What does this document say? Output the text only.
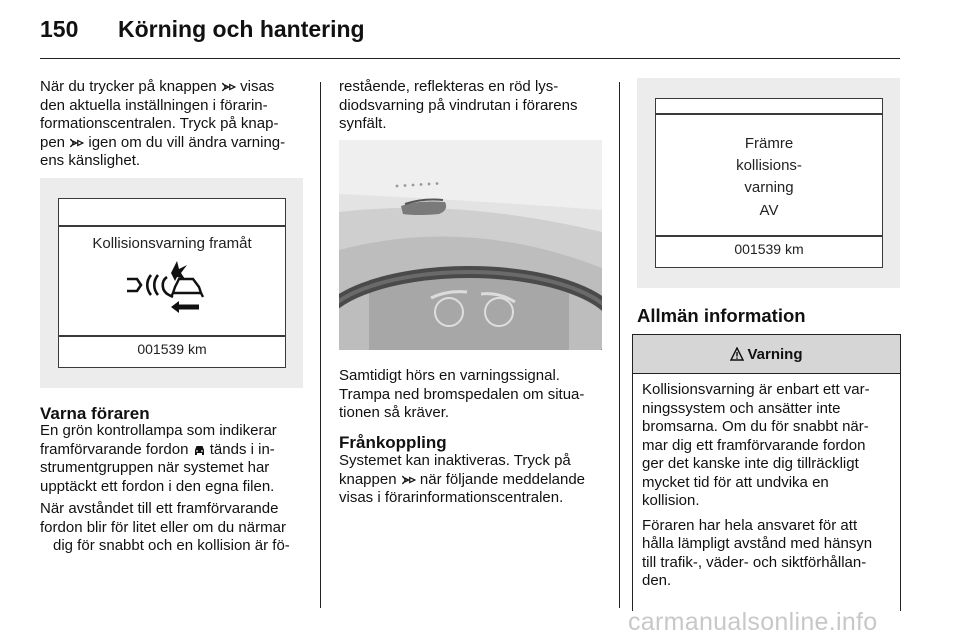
150 Körning och hantering

När du trycker på knappen  visas
den aktuella inställningen i förarin-
formationscentralen. Tryck på knap-
pen  igen om du vill ändra varning-
ens känslighet.

Kollisionsvarning framåt
001539 km
Varna föraren

En grön kontrollampa som indikerar
framförvarande fordon  tänds i in-
strumentgruppen när systemet har
upptäckt ett fordon i den egna filen.

När avståndet till ett framförvarande
fordon blir för litet eller om du närmar
dig för snabbt och en kollision är fö-

restående, reflekteras en röd lys-
diodsvarning på vindrutan i förarens
synfält.

Samtidigt hörs en varningssignal.
Trampa ned bromspedalen om situa-
tionen så kräver.

Frånkoppling

Systemet kan inaktiveras. Tryck på
knappen  när följande meddelande
visas i förarinformationscentralen.

Främre
kollisions-
varning
AV
001539 km
Allmän information
Varning

Kollisionsvarning är enbart ett var-
ningssystem och ansätter inte
bromsarna. Om du för snabbt när-
mar dig ett framförvarande fordon
ger det kanske inte dig tillräckligt
mycket tid för att undvika en
kollision.

Föraren har hela ansvaret för att
hålla lämpligt avstånd med hänsyn
till trafik-, väder- och siktförhållan-
den.

carmanualsonline.info
